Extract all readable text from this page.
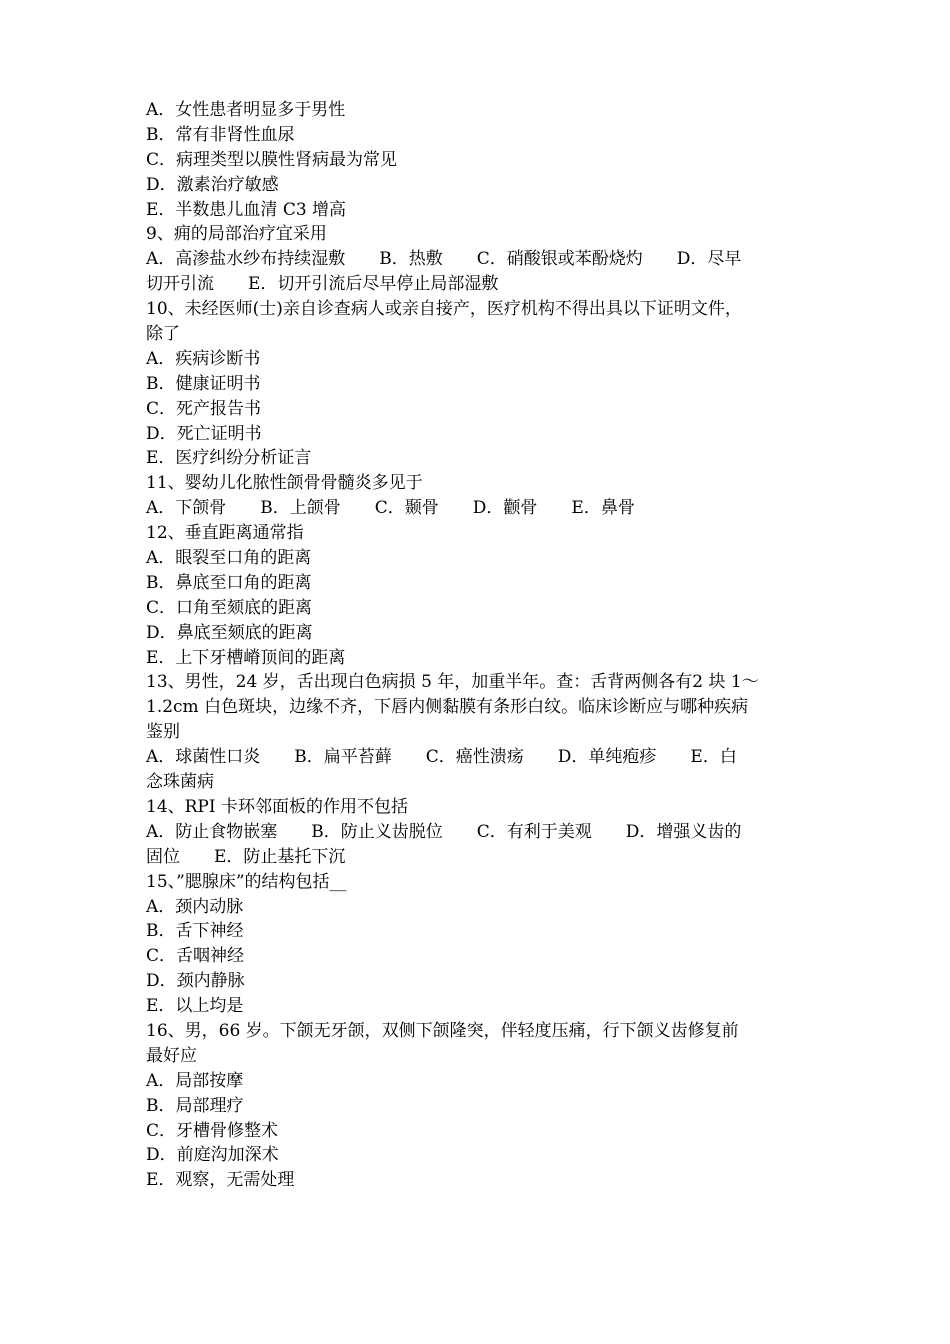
A．女性患者明显多于男性
B．常有非肾性血尿
C．病理类型以膜性肾病最为常见
D．激素治疗敏感
E．半数患儿血清 C3 增高
9、痈的局部治疗宜采用
A．高渗盐水纱布持续湿敷　　B．热敷　　C．硝酸银或苯酚烧灼　　D．尽早
切开引流　　E．切开引流后尽早停止局部湿敷
10、未经医师(士)亲自诊查病人或亲自接产，医疗机构不得出具以下证明文件，
除了
A．疾病诊断书
B．健康证明书
C．死产报告书
D．死亡证明书
E．医疗纠纷分析证言
11、婴幼儿化脓性颌骨骨髓炎多见于
A．下颌骨　　B．上颌骨　　C．颞骨　　D．颧骨　　E．鼻骨
12、垂直距离通常指
A．眼裂至口角的距离
B．鼻底至口角的距离
C．口角至颏底的距离
D．鼻底至颏底的距离
E．上下牙槽嵴顶间的距离
13、男性，24 岁，舌出现白色病损 5 年，加重半年。查：舌背两侧各有2 块 1～
1.2cm 白色斑块，边缘不齐，下唇内侧黏膜有条形白纹。临床诊断应与哪种疾病
鉴别
A．球菌性口炎　　B．扁平苔藓　　C．癌性溃疡　　D．单纯疱疹　　E．白
念珠菌病
14、RPI 卡环邻面板的作用不包括
A．防止食物嵌塞　　B．防止义齿脱位　　C．有利于美观　　D．增强义齿的
固位　　E．防止基托下沉
15、”腮腺床”的结构包括__
A．颈内动脉
B．舌下神经
C．舌咽神经
D．颈内静脉
E．以上均是
16、男，66 岁。下颌无牙颌，双侧下颌隆突，伴轻度压痛，行下颌义齿修复前
最好应
A．局部按摩
B．局部理疗
C．牙槽骨修整术
D．前庭沟加深术
E．观察，无需处理
